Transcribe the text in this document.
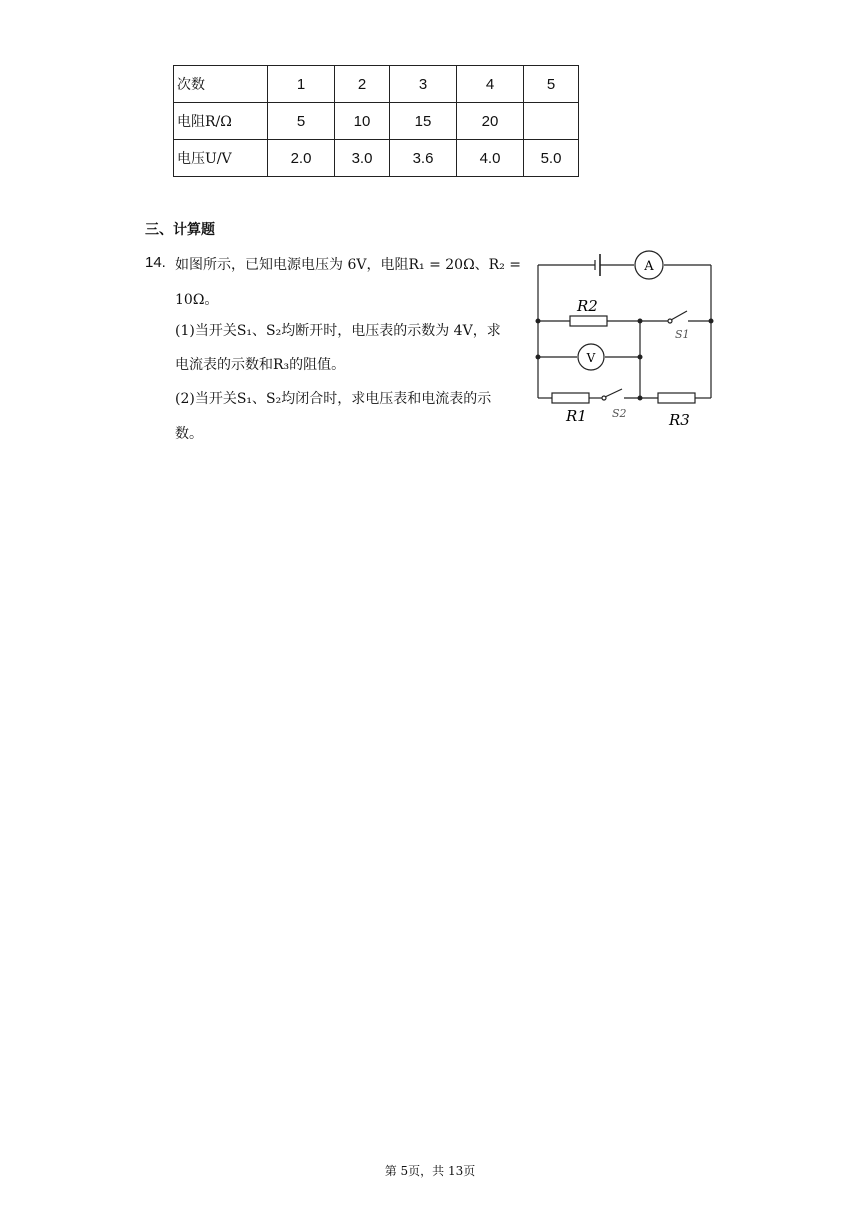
次数	1	2	3	4	5
电阻R/Ω	5	10	15	20	
电压U/V	2.0	3.0	3.6	4.0	5.0
三、计算题
14. 如图所示，已知电源电压为 6V，电阻R₁ = 20Ω、R₂ =
10Ω。
(1)当开关S₁、S₂均断开时，电压表的示数为 4V，求
电流表的示数和R₃的阻值。
(2)当开关S₁、S₂均闭合时，求电压表和电流表的示
数。
A
V
R2
R1	R3
S1
S2
第 5页，共 13页
